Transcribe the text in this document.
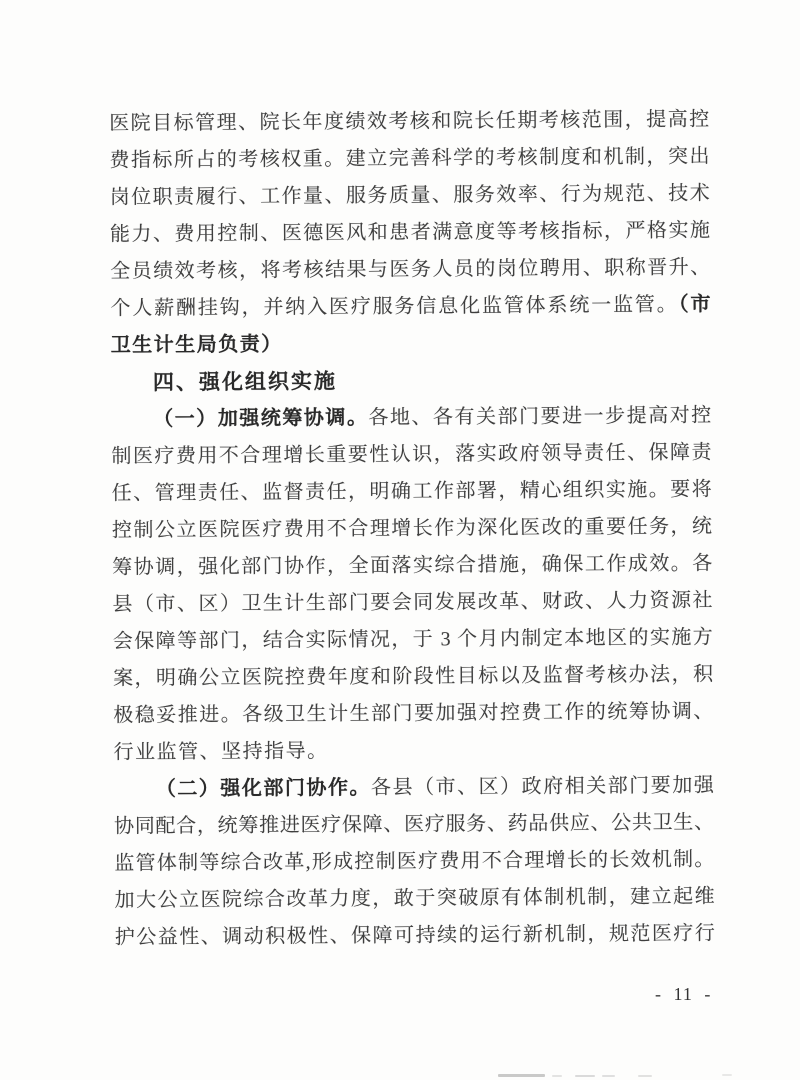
医院目标管理、院长年度绩效考核和院长任期考核范围，提高控
费指标所占的考核权重。建立完善科学的考核制度和机制，突出
岗位职责履行、工作量、服务质量、服务效率、行为规范、技术
能力、费用控制、医德医风和患者满意度等考核指标，严格实施
全员绩效考核，将考核结果与医务人员的岗位聘用、职称晋升、
个人薪酬挂钩，并纳入医疗服务信息化监管体系统一监管。（市
卫生计生局负责）
四、强化组织实施
（一）加强统筹协调。各地、各有关部门要进一步提高对控
制医疗费用不合理增长重要性认识，落实政府领导责任、保障责
任、管理责任、监督责任，明确工作部署，精心组织实施。要将
控制公立医院医疗费用不合理增长作为深化医改的重要任务，统
筹协调，强化部门协作，全面落实综合措施，确保工作成效。各
县（市、区）卫生计生部门要会同发展改革、财政、人力资源社
会保障等部门，结合实际情况，于 3 个月内制定本地区的实施方
案，明确公立医院控费年度和阶段性目标以及监督考核办法，积
极稳妥推进。各级卫生计生部门要加强对控费工作的统筹协调、
行业监管、坚持指导。
（二）强化部门协作。各县（市、区）政府相关部门要加强
协同配合，统筹推进医疗保障、医疗服务、药品供应、公共卫生、
监管体制等综合改革,形成控制医疗费用不合理增长的长效机制。
加大公立医院综合改革力度，敢于突破原有体制机制，建立起维
护公益性、调动积极性、保障可持续的运行新机制，规范医疗行
- 11 -
